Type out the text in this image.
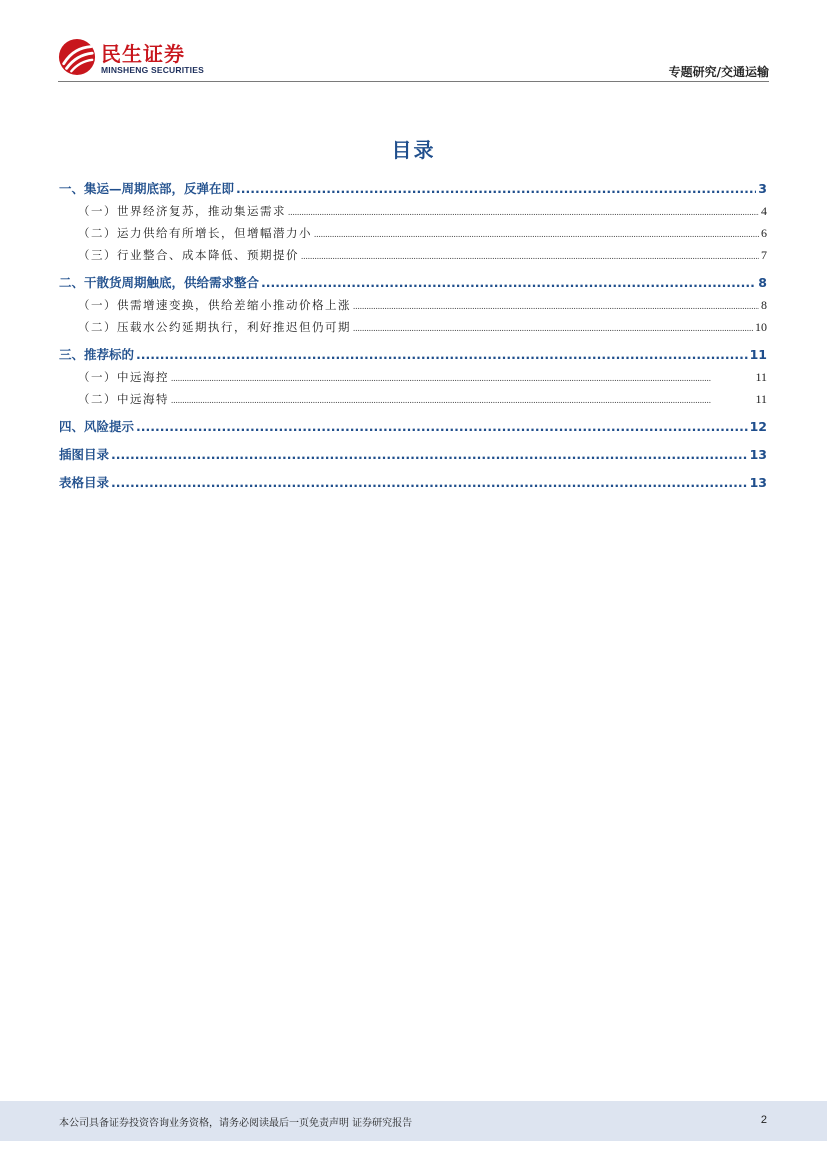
民生证券
MINSHENG SECURITIES	专题研究/交通运输
目录
一、集运—周期底部，反弹在即 .....	3
（一）世界经济复苏，推动集运需求 .....	4
（二）运力供给有所增长，但增幅潜力小 .....	6
（三）行业整合、成本降低、预期提价 .....	7
二、干散货周期触底，供给需求整合 .....	8
（一）供需增速变换，供给差缩小推动价格上涨 .....	8
（二）压载水公约延期执行，利好推迟但仍可期 .....	10
三、推荐标的 .....	11
（一）中远海控 .....	11
（二）中远海特 .....	11
四、风险提示 .....	12
插图目录 .....	13
表格目录 .....	13
本公司具备证券投资咨询业务资格，请务必阅读最后一页免责声明 证券研究报告	2
